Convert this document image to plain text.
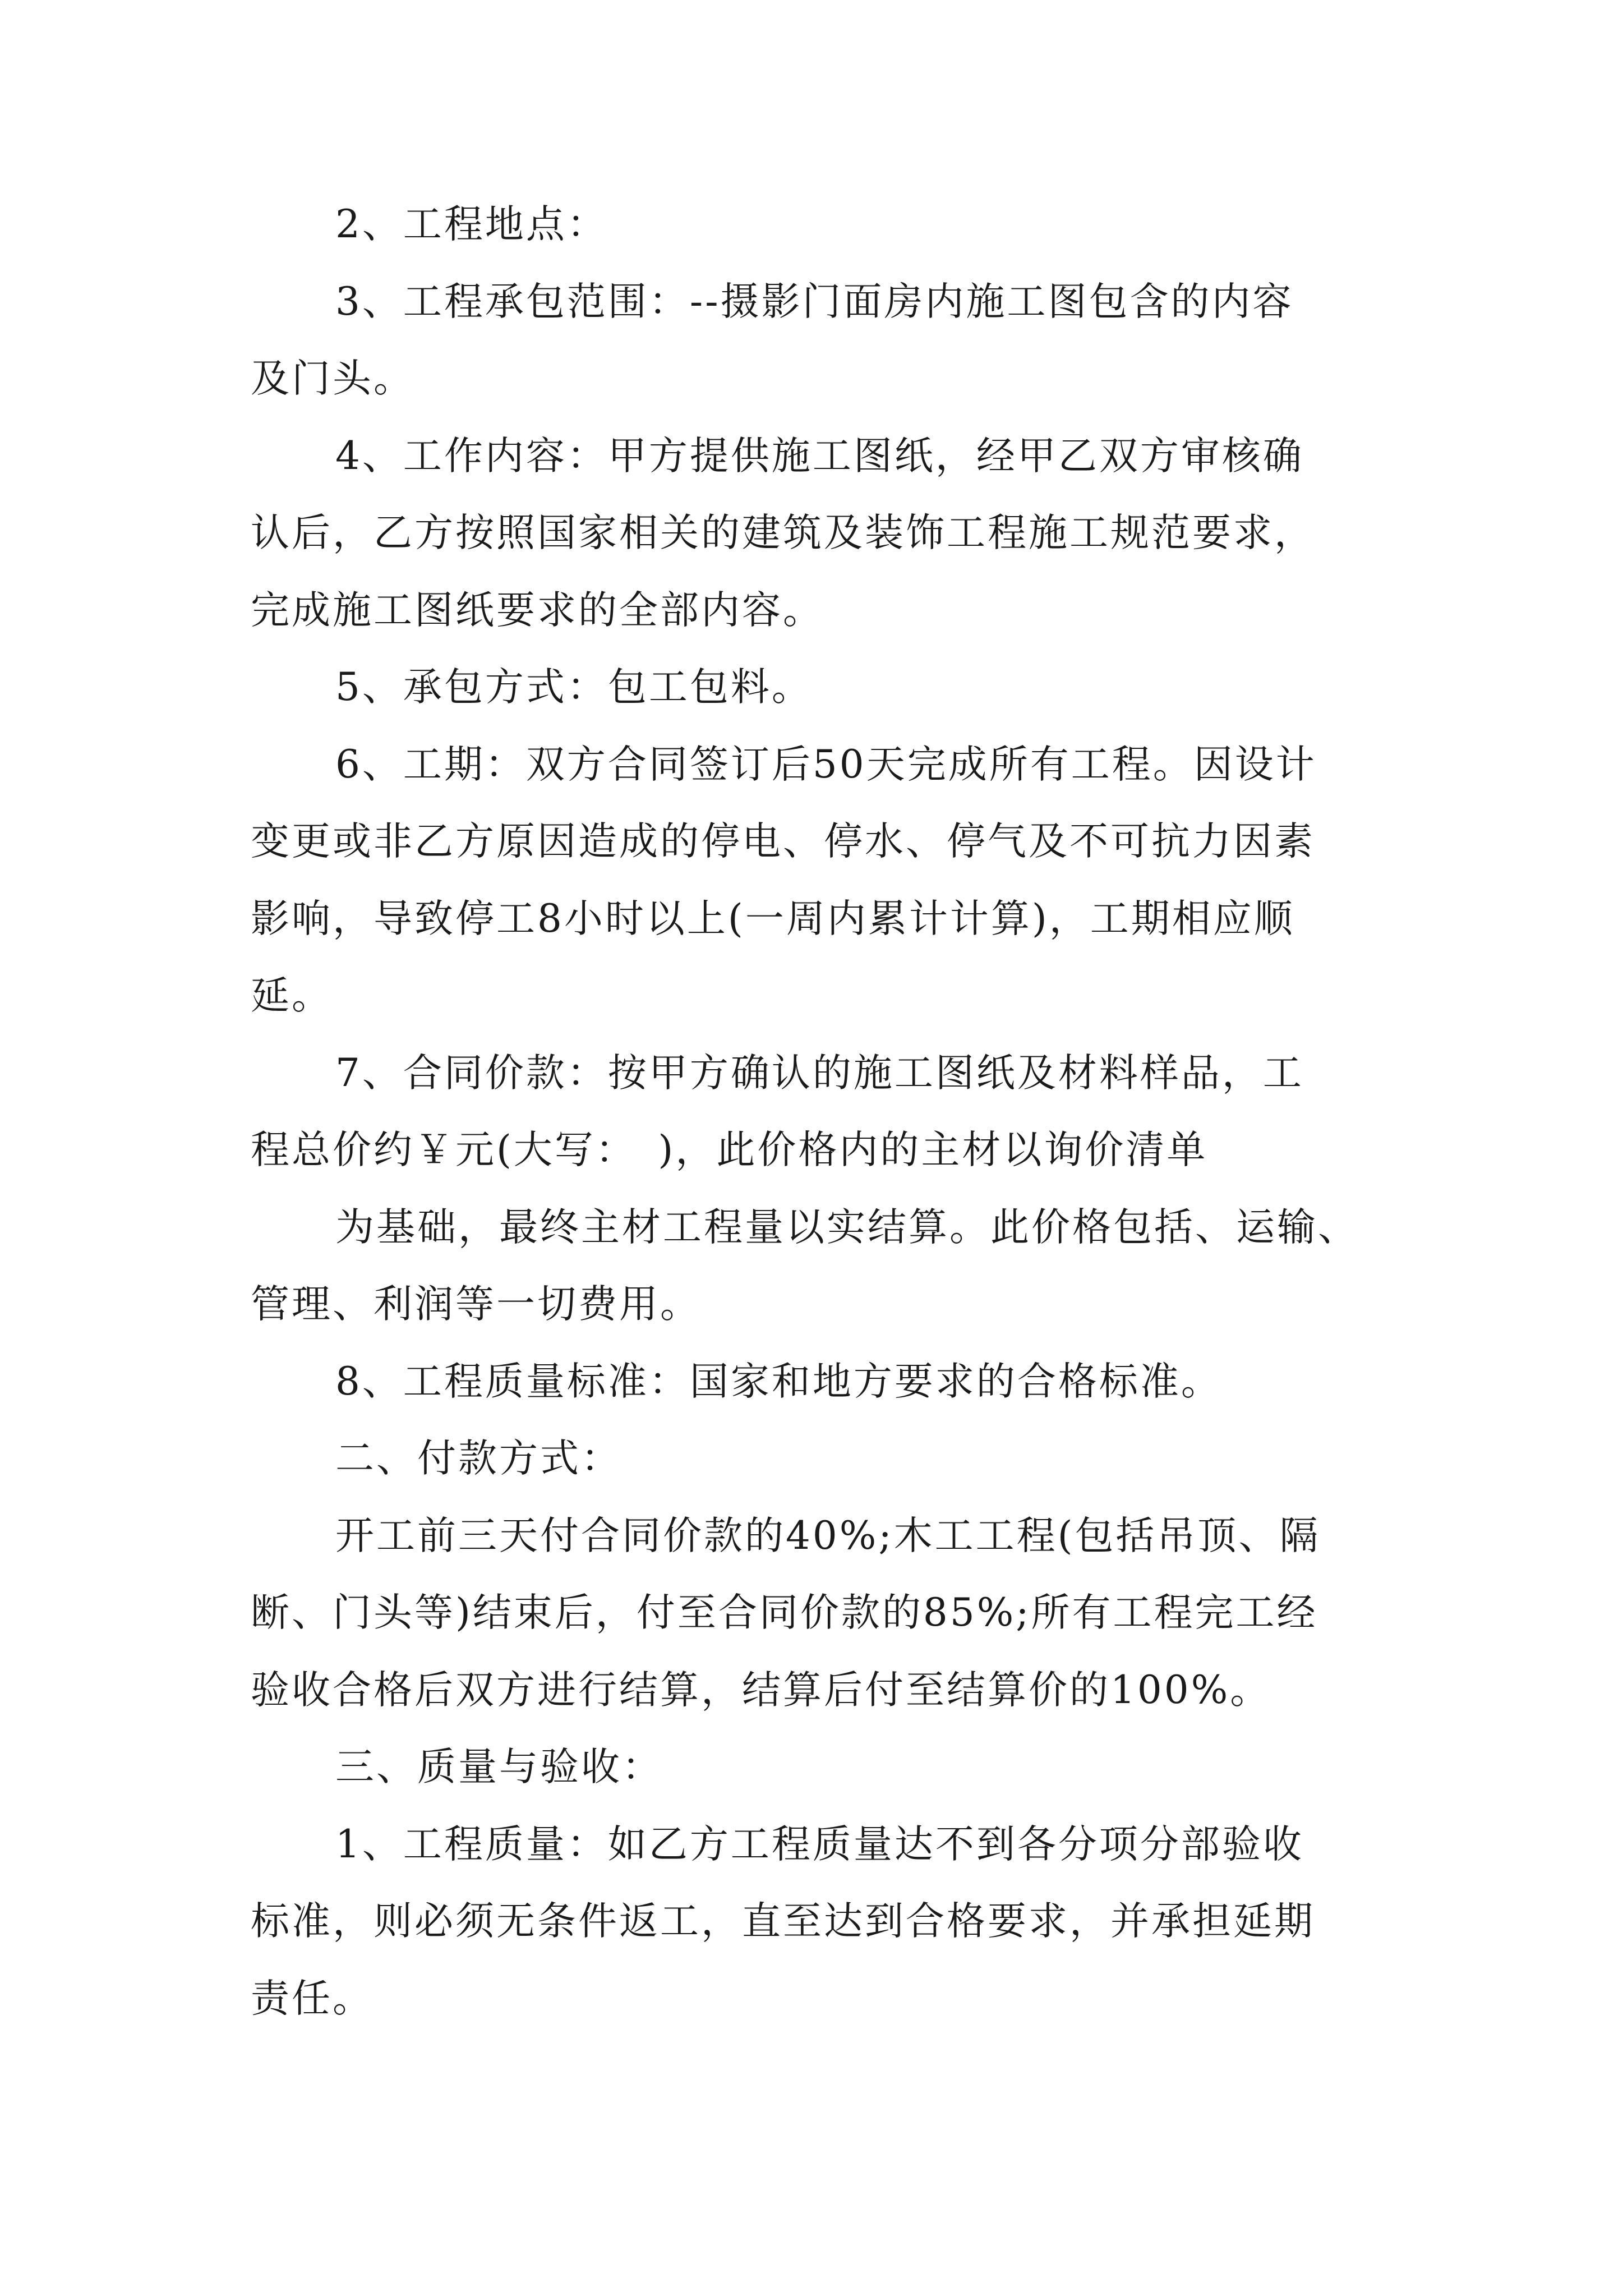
2、工程地点：

3、工程承包范围：--摄影门面房内施工图包含的内容
及门头。

4、工作内容：甲方提供施工图纸，经甲乙双方审核确
认后，乙方按照国家相关的建筑及装饰工程施工规范要求，
完成施工图纸要求的全部内容。

5、承包方式：包工包料。

6、工期：双方合同签订后50天完成所有工程。因设计
变更或非乙方原因造成的停电、停水、停气及不可抗力因素
影响，导致停工8小时以上(一周内累计计算)，工期相应顺
延。

7、合同价款：按甲方确认的施工图纸及材料样品，工
程总价约￥元(大写：　)，此价格内的主材以询价清单

为基础，最终主材工程量以实结算。此价格包括、运输、
管理、利润等一切费用。

8、工程质量标准：国家和地方要求的合格标准。

二、付款方式：

开工前三天付合同价款的40%;木工工程(包括吊顶、隔
断、门头等)结束后，付至合同价款的85%;所有工程完工经
验收合格后双方进行结算，结算后付至结算价的100%。

三、质量与验收：

1、工程质量：如乙方工程质量达不到各分项分部验收
标准，则必须无条件返工，直至达到合格要求，并承担延期
责任。
